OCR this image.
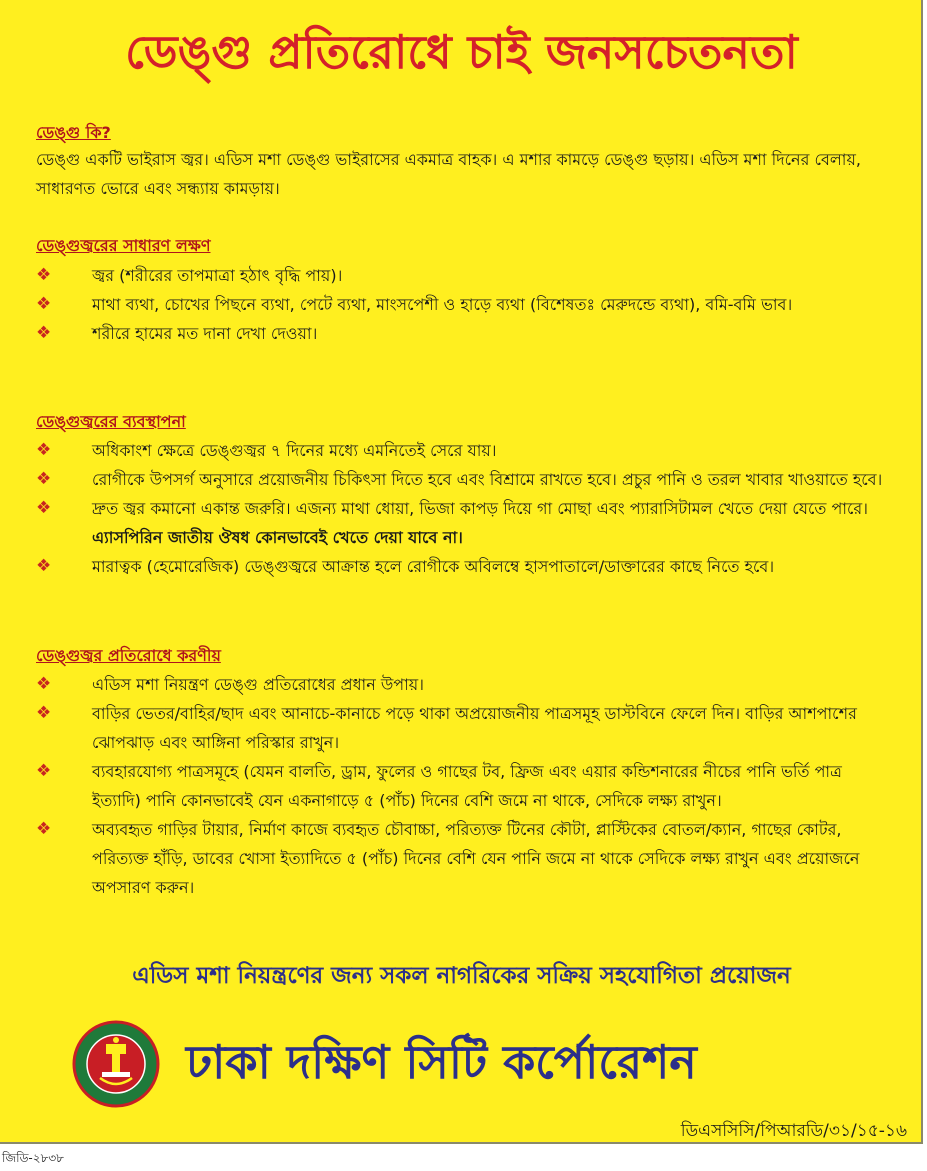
ডেঙ্গু প্রতিরোধে চাই জনসচেতনতা
ডেঙ্গু কি?
ডেঙ্গু একটি ভাইরাস জ্বর। এডিস মশা ডেঙ্গু ভাইরাসের একমাত্র বাহক। এ মশার কামড়ে ডেঙ্গু ছড়ায়। এডিস মশা দিনের বেলায়, সাধারণত ভোরে এবং সন্ধ্যায় কামড়ায়।
ডেঙ্গুজ্বরের সাধারণ লক্ষণ
❖	জ্বর (শরীরের তাপমাত্রা হঠাৎ বৃদ্ধি পায়)।
❖	মাথা ব্যথা, চোখের পিছনে ব্যথা, পেটে ব্যথা, মাংসপেশী ও হাড়ে ব্যথা (বিশেষতঃ মেরুদন্ডে ব্যথা), বমি-বমি ভাব।
❖	শরীরে হামের মত দানা দেখা দেওয়া।
ডেঙ্গুজ্বরের ব্যবস্থাপনা
❖	অধিকাংশ ক্ষেত্রে ডেঙ্গুজ্বর ৭ দিনের মধ্যে এমনিতেই সেরে যায়।
❖	রোগীকে উপসর্গ অনুসারে প্রয়োজনীয় চিকিৎসা দিতে হবে এবং বিশ্রামে রাখতে হবে। প্রচুর পানি ও তরল খাবার খাওয়াতে হবে।
❖	দ্রুত জ্বর কমানো একান্ত জরুরি। এজন্য মাথা ধোয়া, ভিজা কাপড় দিয়ে গা মোছা এবং প্যারাসিটামল খেতে দেয়া যেতে পারে। এ্যাসপিরিন জাতীয় ঔষধ কোনভাবেই খেতে দেয়া যাবে না।
❖	মারাত্বক (হেমোরেজিক) ডেঙ্গুজ্বরে আক্রান্ত হলে রোগীকে অবিলম্বে হাসপাতালে/ডাক্তারের কাছে নিতে হবে।
ডেঙ্গুজ্বর প্রতিরোধে করণীয়
❖	এডিস মশা নিয়ন্ত্রণ ডেঙ্গু প্রতিরোধের প্রধান উপায়।
❖	বাড়ির ভেতর/বাহির/ছাদ এবং আনাচে-কানাচে পড়ে থাকা অপ্রয়োজনীয় পাত্রসমূহ ডাস্টবিনে ফেলে দিন। বাড়ির আশপাশের ঝোপঝাড় এবং আঙ্গিনা পরিস্কার রাখুন।
❖	ব্যবহারযোগ্য পাত্রসমূহে (যেমন বালতি, ড্রাম, ফুলের ও গাছের টব, ফ্রিজ এবং এয়ার কন্ডিশনারের নীচের পানি ভর্তি পাত্র ইত্যাদি) পানি কোনভাবেই যেন একনাগাড়ে ৫ (পাঁচ) দিনের বেশি জমে না থাকে, সেদিকে লক্ষ্য রাখুন।
❖	অব্যবহৃত গাড়ির টায়ার, নির্মাণ কাজে ব্যবহৃত চৌবাচ্চা, পরিত্যক্ত টিনের কৌটা, প্লাস্টিকের বোতল/ক্যান, গাছের কোটর, পরিত্যক্ত হাঁড়ি, ডাবের খোসা ইত্যাদিতে ৫ (পাঁচ) দিনের বেশি যেন পানি জমে না থাকে সেদিকে লক্ষ্য রাখুন এবং প্রয়োজনে অপসারণ করুন।
এডিস মশা নিয়ন্ত্রণের জন্য সকল নাগরিকের সক্রিয় সহযোগিতা প্রয়োজন
ঢাকা দক্ষিণ সিটি কর্পোরেশন
ডিএসসিসি/পিআরডি/৩১/১৫-১৬
জিডি-২৮৩৮
